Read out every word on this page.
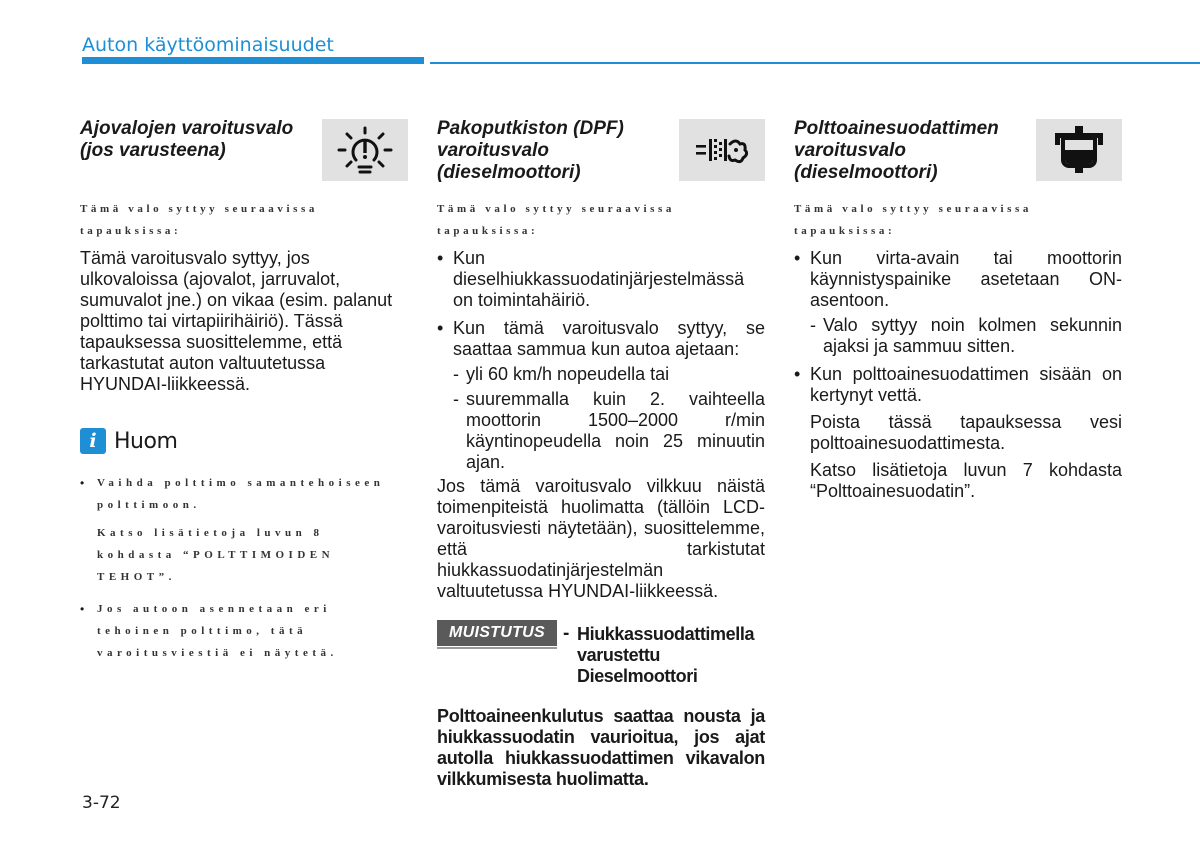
Auton käyttöominaisuudet
Ajovalojen varoitusvalo (jos varusteena)

Tämä valo syttyy seuraavissa tapauksissa:

Tämä varoitusvalo syttyy, jos ulkovaloissa (ajovalot, jarruvalot, sumuvalot jne.) on vikaa (esim. palanut polttimo tai virtapiirihäiriö). Tässä tapauksessa suosittelemme, että tarkastutat auton valtuutetussa HYUNDAI-liikkeessä.

i Huom

• Vaihda polttimo samantehoiseen polttimoon.

Katso lisätietoja luvun 8 kohdasta “POLTTIMOIDEN TEHOT”.

• Jos autoon asennetaan eri tehoinen polttimo, tätä varoitusviestiä ei näytetä.

Pakoputkiston (DPF) varoitusvalo (dieselmoottori)

Tämä valo syttyy seuraavissa tapauksissa:

• Kun dieselhiukkassuodatinjärjestelmässä on toimintahäiriö.
• Kun tämä varoitusvalo syttyy, se saattaa sammua kun autoa ajetaan:
- yli 60 km/h nopeudella tai
- suuremmalla kuin 2. vaihteella moottorin 1500–2000 r/min käyntinopeudella noin 25 minuutin ajan.

Jos tämä varoitusvalo vilkkuu näistä toimenpiteistä huolimatta (tällöin LCD-varoitusviesti näytetään), suosittelemme, että tarkistutat hiukkassuodatinjärjestelmän valtuutetussa HYUNDAI-liikkeessä.

MUISTUTUS - Hiukkassuodattimella varustettu Dieselmoottori

Polttoaineenkulutus saattaa nousta ja hiukkassuodatin vaurioitua, jos ajat autolla hiukkassuodattimen vikavalon vilkkumisesta huolimatta.

Polttoainesuodattimen varoitusvalo (dieselmoottori)

Tämä valo syttyy seuraavissa tapauksissa:

• Kun virta-avain tai moottorin käynnistyspainike asetetaan ON-asentoon.
- Valo syttyy noin kolmen sekunnin ajaksi ja sammuu sitten.
• Kun polttoainesuodattimen sisään on kertynyt vettä.

Poista tässä tapauksessa vesi polttoainesuodattimesta.

Katso lisätietoja luvun 7 kohdasta “Polttoainesuodatin”.

3-72
